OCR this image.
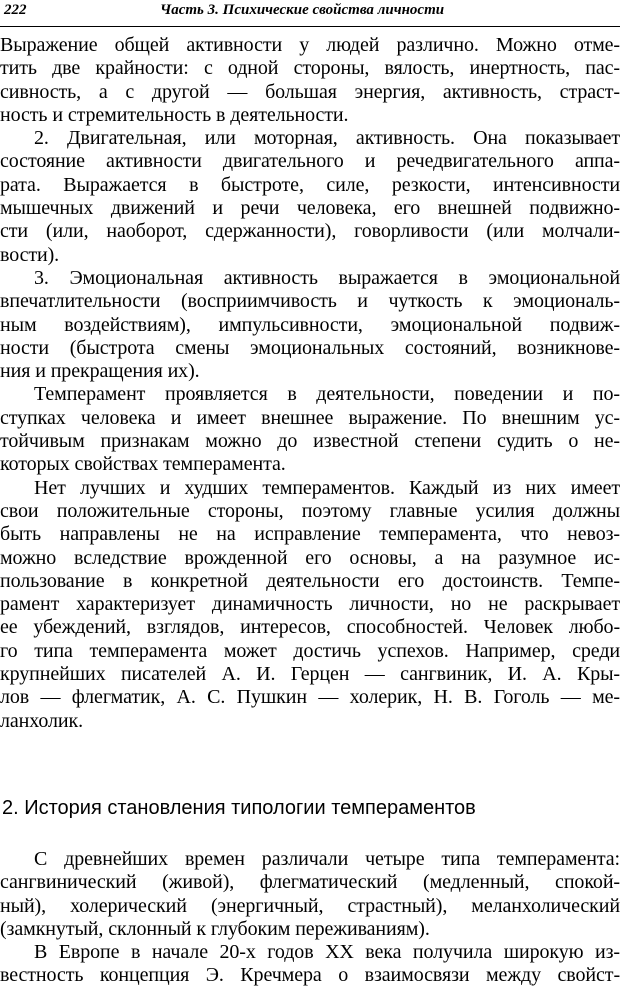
222	Часть 3. Психические свойства личности
Выражение общей активности у людей различно. Можно отме-
тить две крайности: с одной стороны, вялость, инертность, пас-
сивность, а с другой — большая энергия, активность, страст-
ность и стремительность в деятельности.
2. Двигательная, или моторная, активность. Она показывает
состояние активности двигательного и речедвигательного аппа-
рата. Выражается в быстроте, силе, резкости, интенсивности
мышечных движений и речи человека, его внешней подвижно-
сти (или, наоборот, сдержанности), говорливости (или молчали-
вости).
3. Эмоциональная активность выражается в эмоциональной
впечатлительности (восприимчивость и чуткость к эмоциональ-
ным воздействиям), импульсивности, эмоциональной подвиж-
ности (быстрота смены эмоциональных состояний, возникнове-
ния и прекращения их).
Темперамент проявляется в деятельности, поведении и по-
ступках человека и имеет внешнее выражение. По внешним ус-
тойчивым признакам можно до известной степени судить о не-
которых свойствах темперамента.
Нет лучших и худших темпераментов. Каждый из них имеет
свои положительные стороны, поэтому главные усилия должны
быть направлены не на исправление темперамента, что невоз-
можно вследствие врожденной его основы, а на разумное ис-
пользование в конкретной деятельности его достоинств. Темпе-
рамент характеризует динамичность личности, но не раскрывает
ее убеждений, взглядов, интересов, способностей. Человек любо-
го типа темперамента может достичь успехов. Например, среди
крупнейших писателей А. И. Герцен — сангвиник, И. А. Кры-
лов — флегматик, А. С. Пушкин — холерик, Н. В. Гоголь — ме-
ланхолик.
2. История становления типологии темпераментов
С древнейших времен различали четыре типа темперамента:
сангвинический (живой), флегматический (медленный, спокой-
ный), холерический (энергичный, страстный), меланхолический
(замкнутый, склонный к глубоким переживаниям).
В Европе в начале 20-х годов XX века получила широкую из-
вестность концепция Э. Кречмера о взаимосвязи между свойст-
